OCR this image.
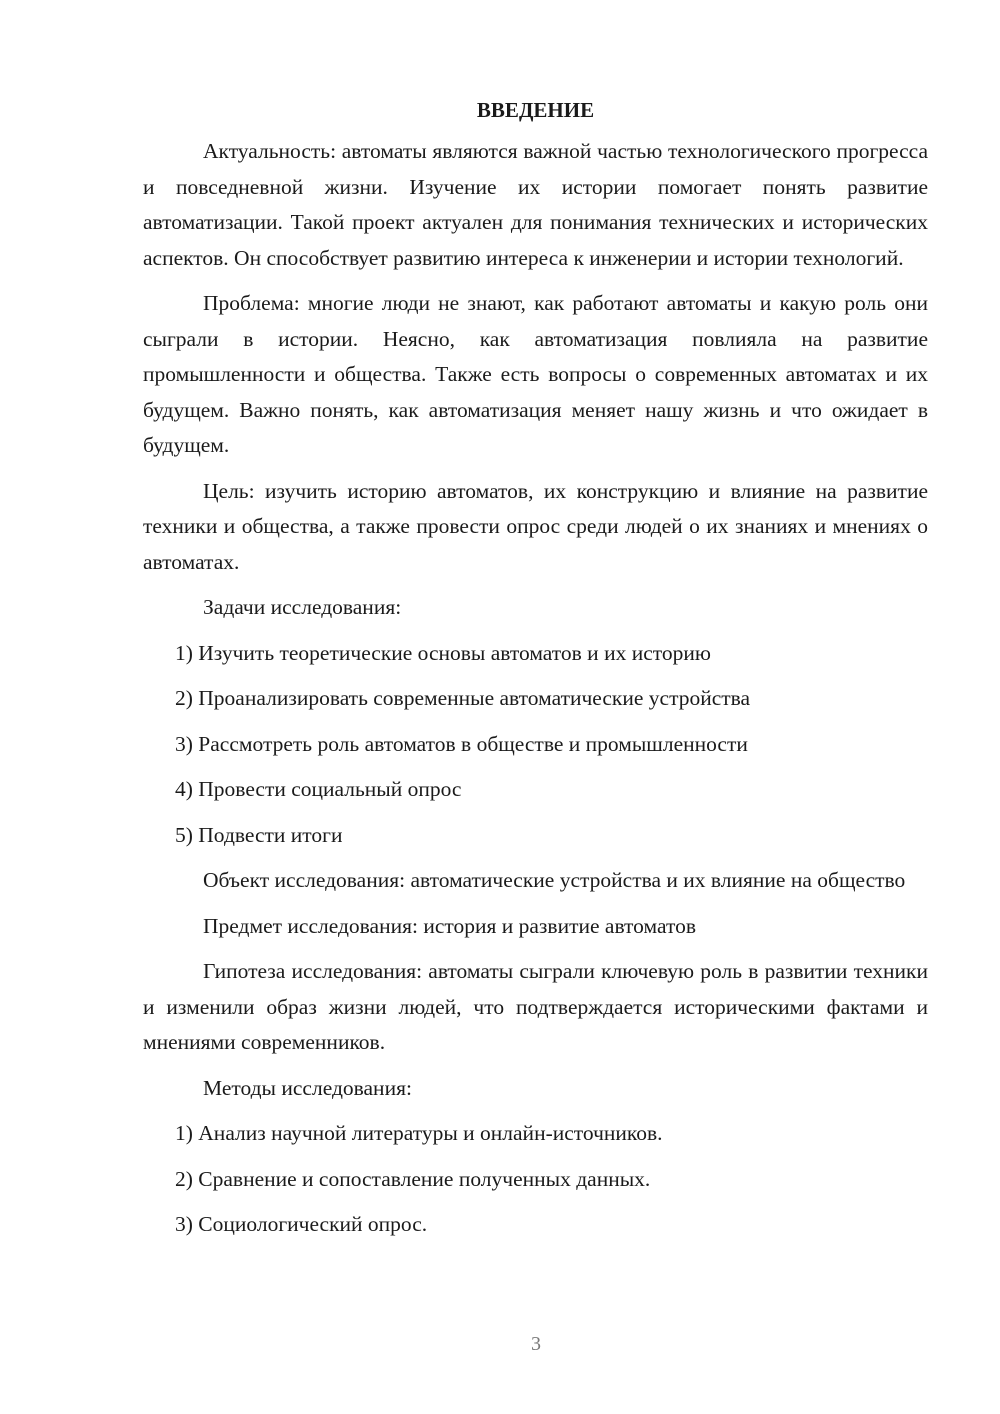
ВВЕДЕНИЕ

Актуальность: автоматы являются важной частью технологического прогресса и повседневной жизни. Изучение их истории помогает понять развитие автоматизации. Такой проект актуален для понимания технических и исторических аспектов. Он способствует развитию интереса к инженерии и истории технологий.

Проблема: многие люди не знают, как работают автоматы и какую роль они сыграли в истории. Неясно, как автоматизация повлияла на развитие промышленности и общества. Также есть вопросы о современных автоматах и их будущем. Важно понять, как автоматизация меняет нашу жизнь и что ожидает в будущем.

Цель: изучить историю автоматов, их конструкцию и влияние на развитие техники и общества, а также провести опрос среди людей о их знаниях и мнениях о автоматах.

Задачи исследования:

1) Изучить теоретические основы автоматов и их историю

2) Проанализировать современные автоматические устройства

3) Рассмотреть роль автоматов в обществе и промышленности

4) Провести социальный опрос

5) Подвести итоги

Объект исследования: автоматические устройства и их влияние на общество

Предмет исследования: история и развитие автоматов

Гипотеза исследования: автоматы сыграли ключевую роль в развитии техники и изменили образ жизни людей, что подтверждается историческими фактами и мнениями современников.

Методы исследования:

1) Анализ научной литературы и онлайн-источников.

2) Сравнение и сопоставление полученных данных.

3) Социологический опрос.

3
